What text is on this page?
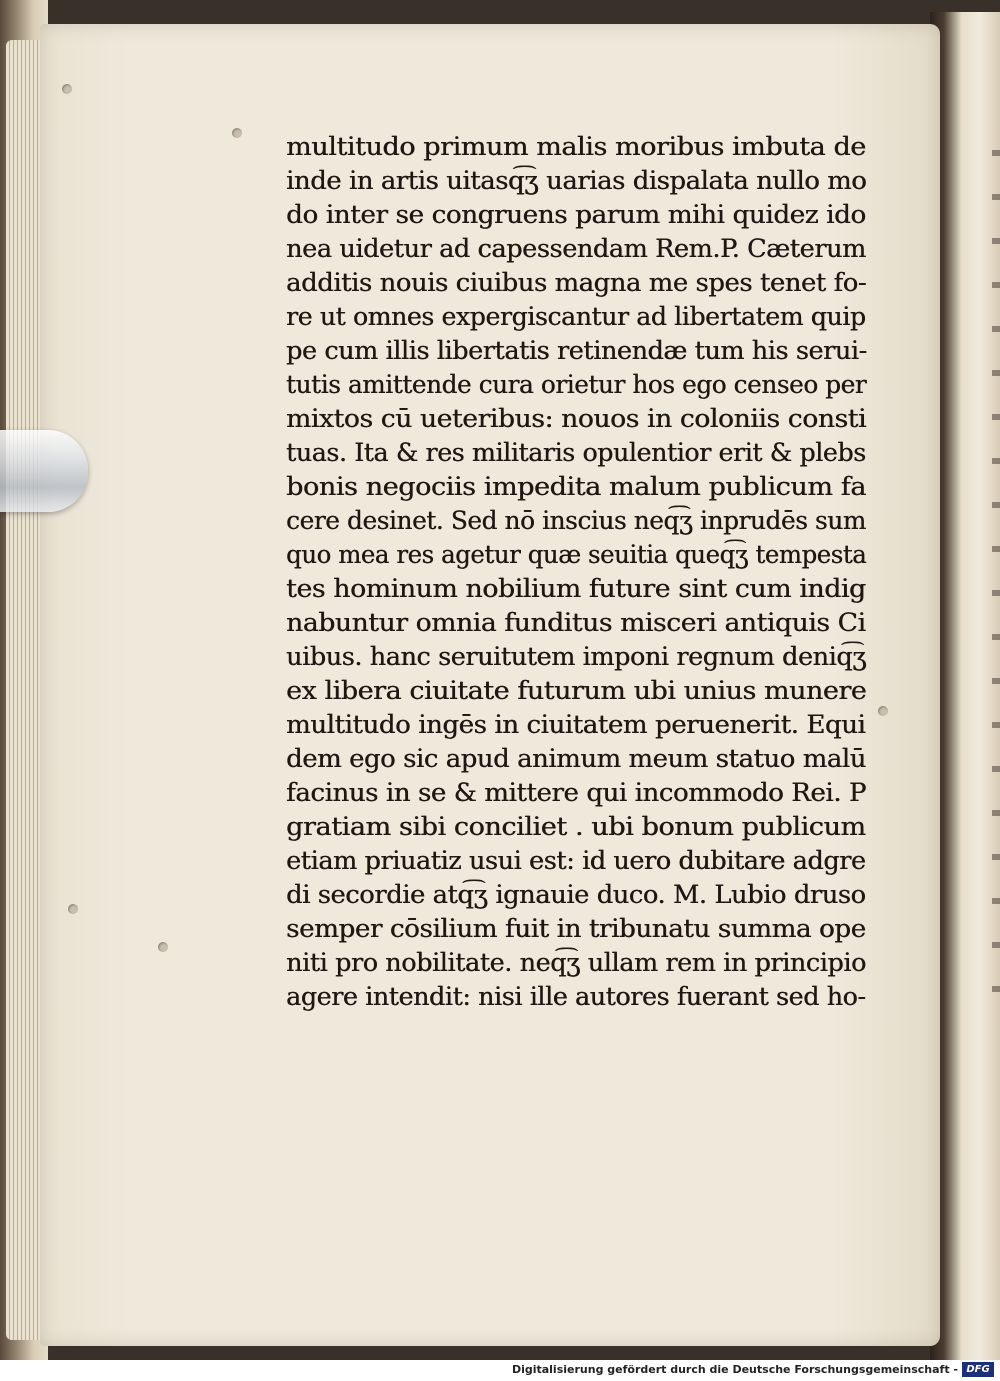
multitudo primum malis moribus imbuta de
inde in artis uitasq͡ʒ uarias dispalata nullo mo
do inter se congruens parum mihi quidez ido
nea uidetur ad capessendam Rem.P. Cæterum
additis nouis ciuibus magna me spes tenet fo-
re ut omnes expergiscantur ad libertatem quip
pe cum illis libertatis retinendæ tum his serui-
tutis amittende cura orietur hos ego censeo per
mixtos cū ueteribus: nouos in coloniis consti
tuas. Ita & res militaris opulentior erit & plebs
bonis negociis impedita malum publicum fa
cere desinet. Sed nō inscius neq͡ʒ inprudēs sum
quo mea res agetur quæ seuitia queq͡ʒ tempesta
tes hominum nobilium future sint cum indig
nabuntur omnia funditus misceri antiquis Ci
uibus. hanc seruitutem imponi regnum deniq͡ʒ
ex libera ciuitate futurum ubi unius munere
multitudo ingēs in ciuitatem peruenerit. Equi
dem ego sic apud animum meum statuo malū
facinus in se & mittere qui incommodo Rei. P
gratiam sibi conciliet . ubi bonum publicum
etiam priuatiz usui est: id uero dubitare adgre
di secordie atq͡ʒ ignauie duco. M. Lubio druso
semper cōsilium fuit in tribunatu summa ope
niti pro nobilitate. neq͡ʒ ullam rem in principio
agere intendit: nisi ille autores fuerant sed ho-
Digitalisierung gefördert durch die Deutsche Forschungsgemeinschaft - DFG
